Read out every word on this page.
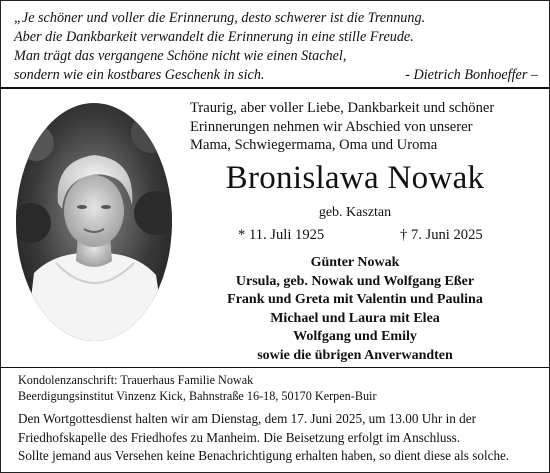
„Je schöner und voller die Erinnerung, desto schwerer ist die Trennung.
Aber die Dankbarkeit verwandelt die Erinnerung in eine stille Freude.
Man trägt das vergangene Schöne nicht wie einen Stachel,
sondern wie ein kostbares Geschenk in sich.	- Dietrich Bonhoeffer –
Traurig, aber voller Liebe, Dankbarkeit und schöner
Erinnerungen nehmen wir Abschied von unserer
Mama, Schwiegermama, Oma und Uroma
Bronislawa Nowak
geb. Kasztan
* 11. Juli 1925	† 7. Juni 2025
Günter Nowak
Ursula, geb. Nowak und Wolfgang Eßer
Frank und Greta mit Valentin und Paulina
Michael und Laura mit Elea
Wolfgang und Emily
sowie die übrigen Anverwandten
Kondolenzanschrift: Trauerhaus Familie Nowak
Beerdigungsinstitut Vinzenz Kick, Bahnstraße 16-18, 50170 Kerpen-Buir
Den Wortgottesdienst halten wir am Dienstag, dem 17. Juni 2025, um 13.00 Uhr in der
Friedhofskapelle des Friedhofes zu Manheim. Die Beisetzung erfolgt im Anschluss.
Sollte jemand aus Versehen keine Benachrichtigung erhalten haben, so dient diese als solche.
